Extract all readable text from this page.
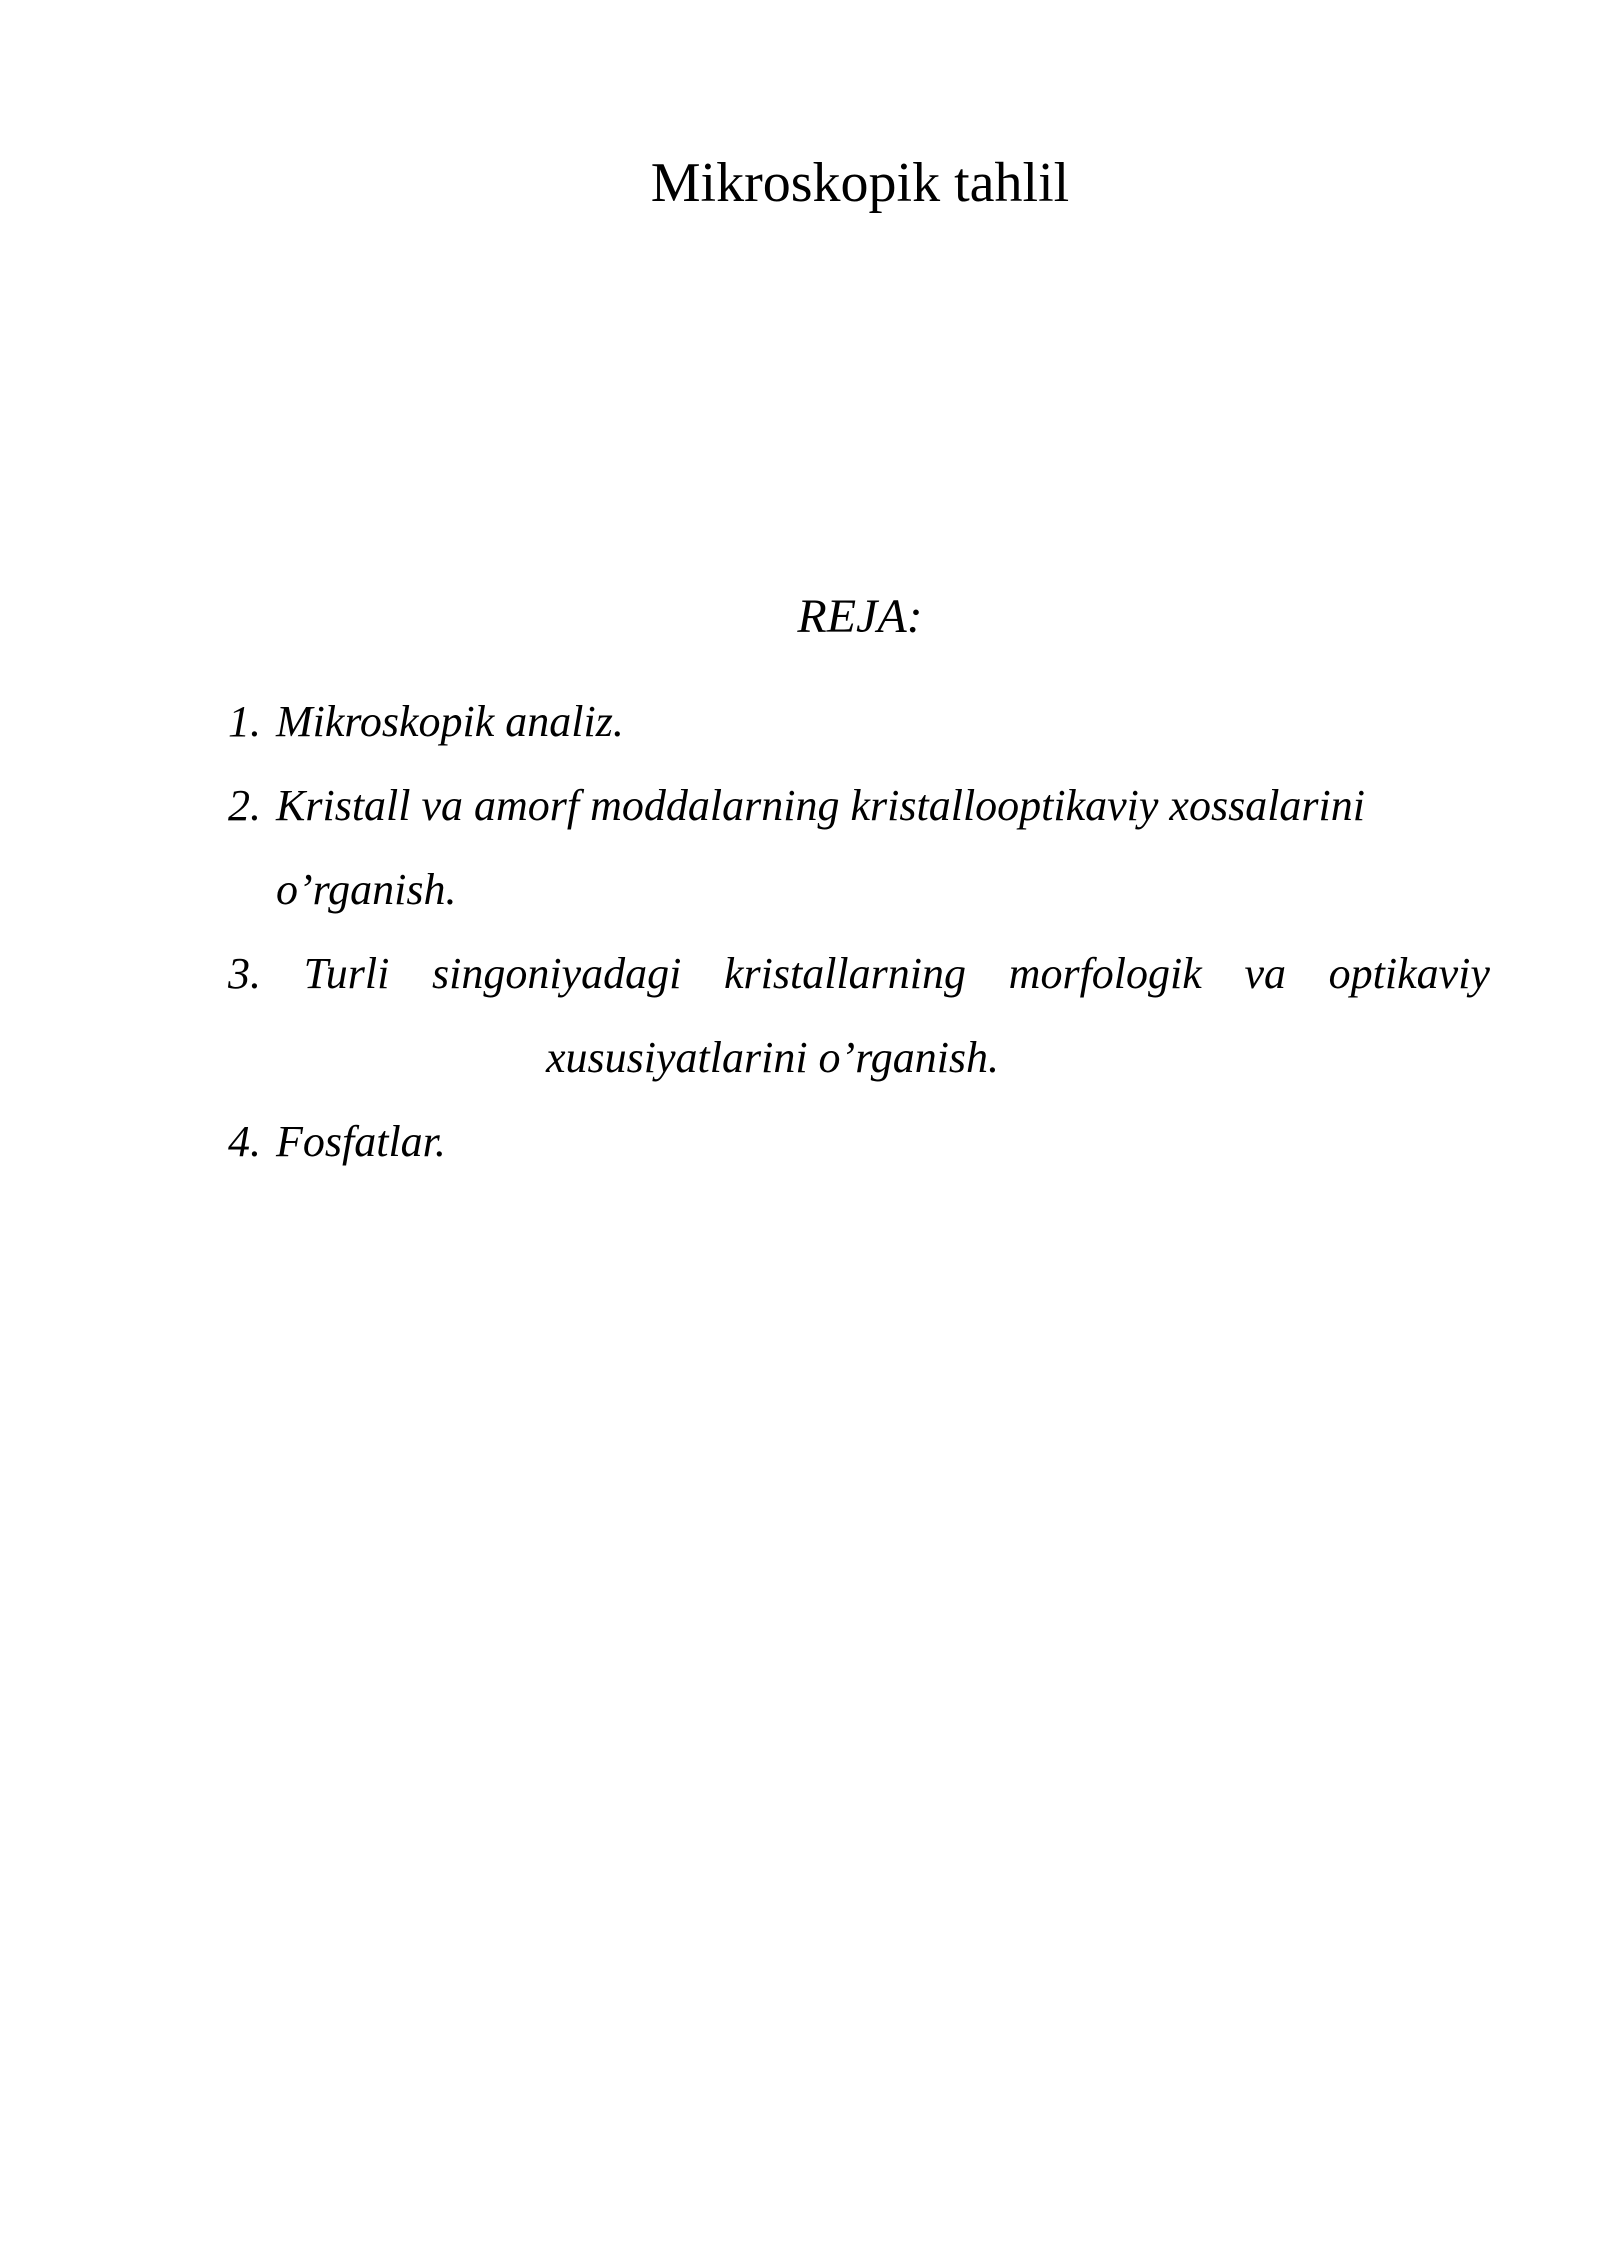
Mikroskopik tahlil
REJA:
1. Mikroskopik analiz.
2. Kristall va amorf moddalarning kristallooptikaviy xossalarini
o’rganish.
3. Turli singoniyadagi kristallarning morfologik va optikaviy
xususiyatlarini o’rganish.
4. Fosfatlar.
